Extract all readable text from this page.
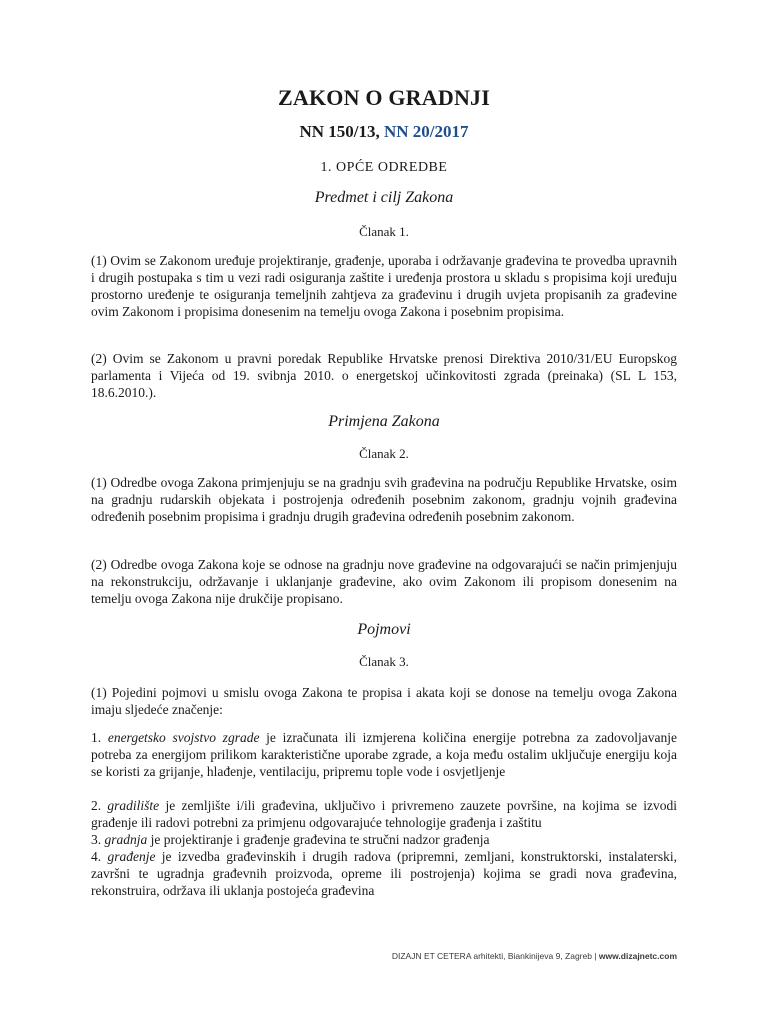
ZAKON O GRADNJI

NN 150/13, NN 20/2017

1. OPĆE ODREDBE

Predmet i cilj Zakona

Članak 1.

(1) Ovim se Zakonom uređuje projektiranje, građenje, uporaba i održavanje građevina te provedba upravnih i drugih postupaka s tim u vezi radi osiguranja zaštite i uređenja prostora u skladu s propisima koji uređuju prostorno uređenje te osiguranja temeljnih zahtjeva za građevinu i drugih uvjeta propisanih za građevine ovim Zakonom i propisima donesenim na temelju ovoga Zakona i posebnim propisima.

(2) Ovim se Zakonom u pravni poredak Republike Hrvatske prenosi Direktiva 2010/31/EU Europskog parlamenta i Vijeća od 19. svibnja 2010. o energetskoj učinkovitosti zgrada (preinaka) (SL L 153, 18.6.2010.).

Primjena Zakona

Članak 2.

(1) Odredbe ovoga Zakona primjenjuju se na gradnju svih građevina na području Republike Hrvatske, osim na gradnju rudarskih objekata i postrojenja određenih posebnim zakonom, gradnju vojnih građevina određenih posebnim propisima i gradnju drugih građevina određenih posebnim zakonom.

(2) Odredbe ovoga Zakona koje se odnose na gradnju nove građevine na odgovarajući se način primjenjuju na rekonstrukciju, održavanje i uklanjanje građevine, ako ovim Zakonom ili propisom donesenim na temelju ovoga Zakona nije drukčije propisano.

Pojmovi

Članak 3.

(1) Pojedini pojmovi u smislu ovoga Zakona te propisa i akata koji se donose na temelju ovoga Zakona imaju sljedeće značenje:

1. energetsko svojstvo zgrade je izračunata ili izmjerena količina energije potrebna za zadovoljavanje potreba za energijom prilikom karakteristične uporabe zgrade, a koja među ostalim uključuje energiju koja se koristi za grijanje, hlađenje, ventilaciju, pripremu tople vode i osvjetljenje

2. gradilište je zemljište i/ili građevina, uključivo i privremeno zauzete površine, na kojima se izvodi građenje ili radovi potrebni za primjenu odgovarajuće tehnologije građenja i zaštitu

3. gradnja je projektiranje i građenje građevina te stručni nadzor građenja

4. građenje je izvedba građevinskih i drugih radova (pripremni, zemljani, konstruktorski, instalaterski, završni te ugradnja građevnih proizvoda, opreme ili postrojenja) kojima se gradi nova građevina, rekonstruira, održava ili uklanja postojeća građevina

DIZAJN ET CETERA arhitekti, Biankinijeva 9, Zagreb | www.dizajnetc.com
